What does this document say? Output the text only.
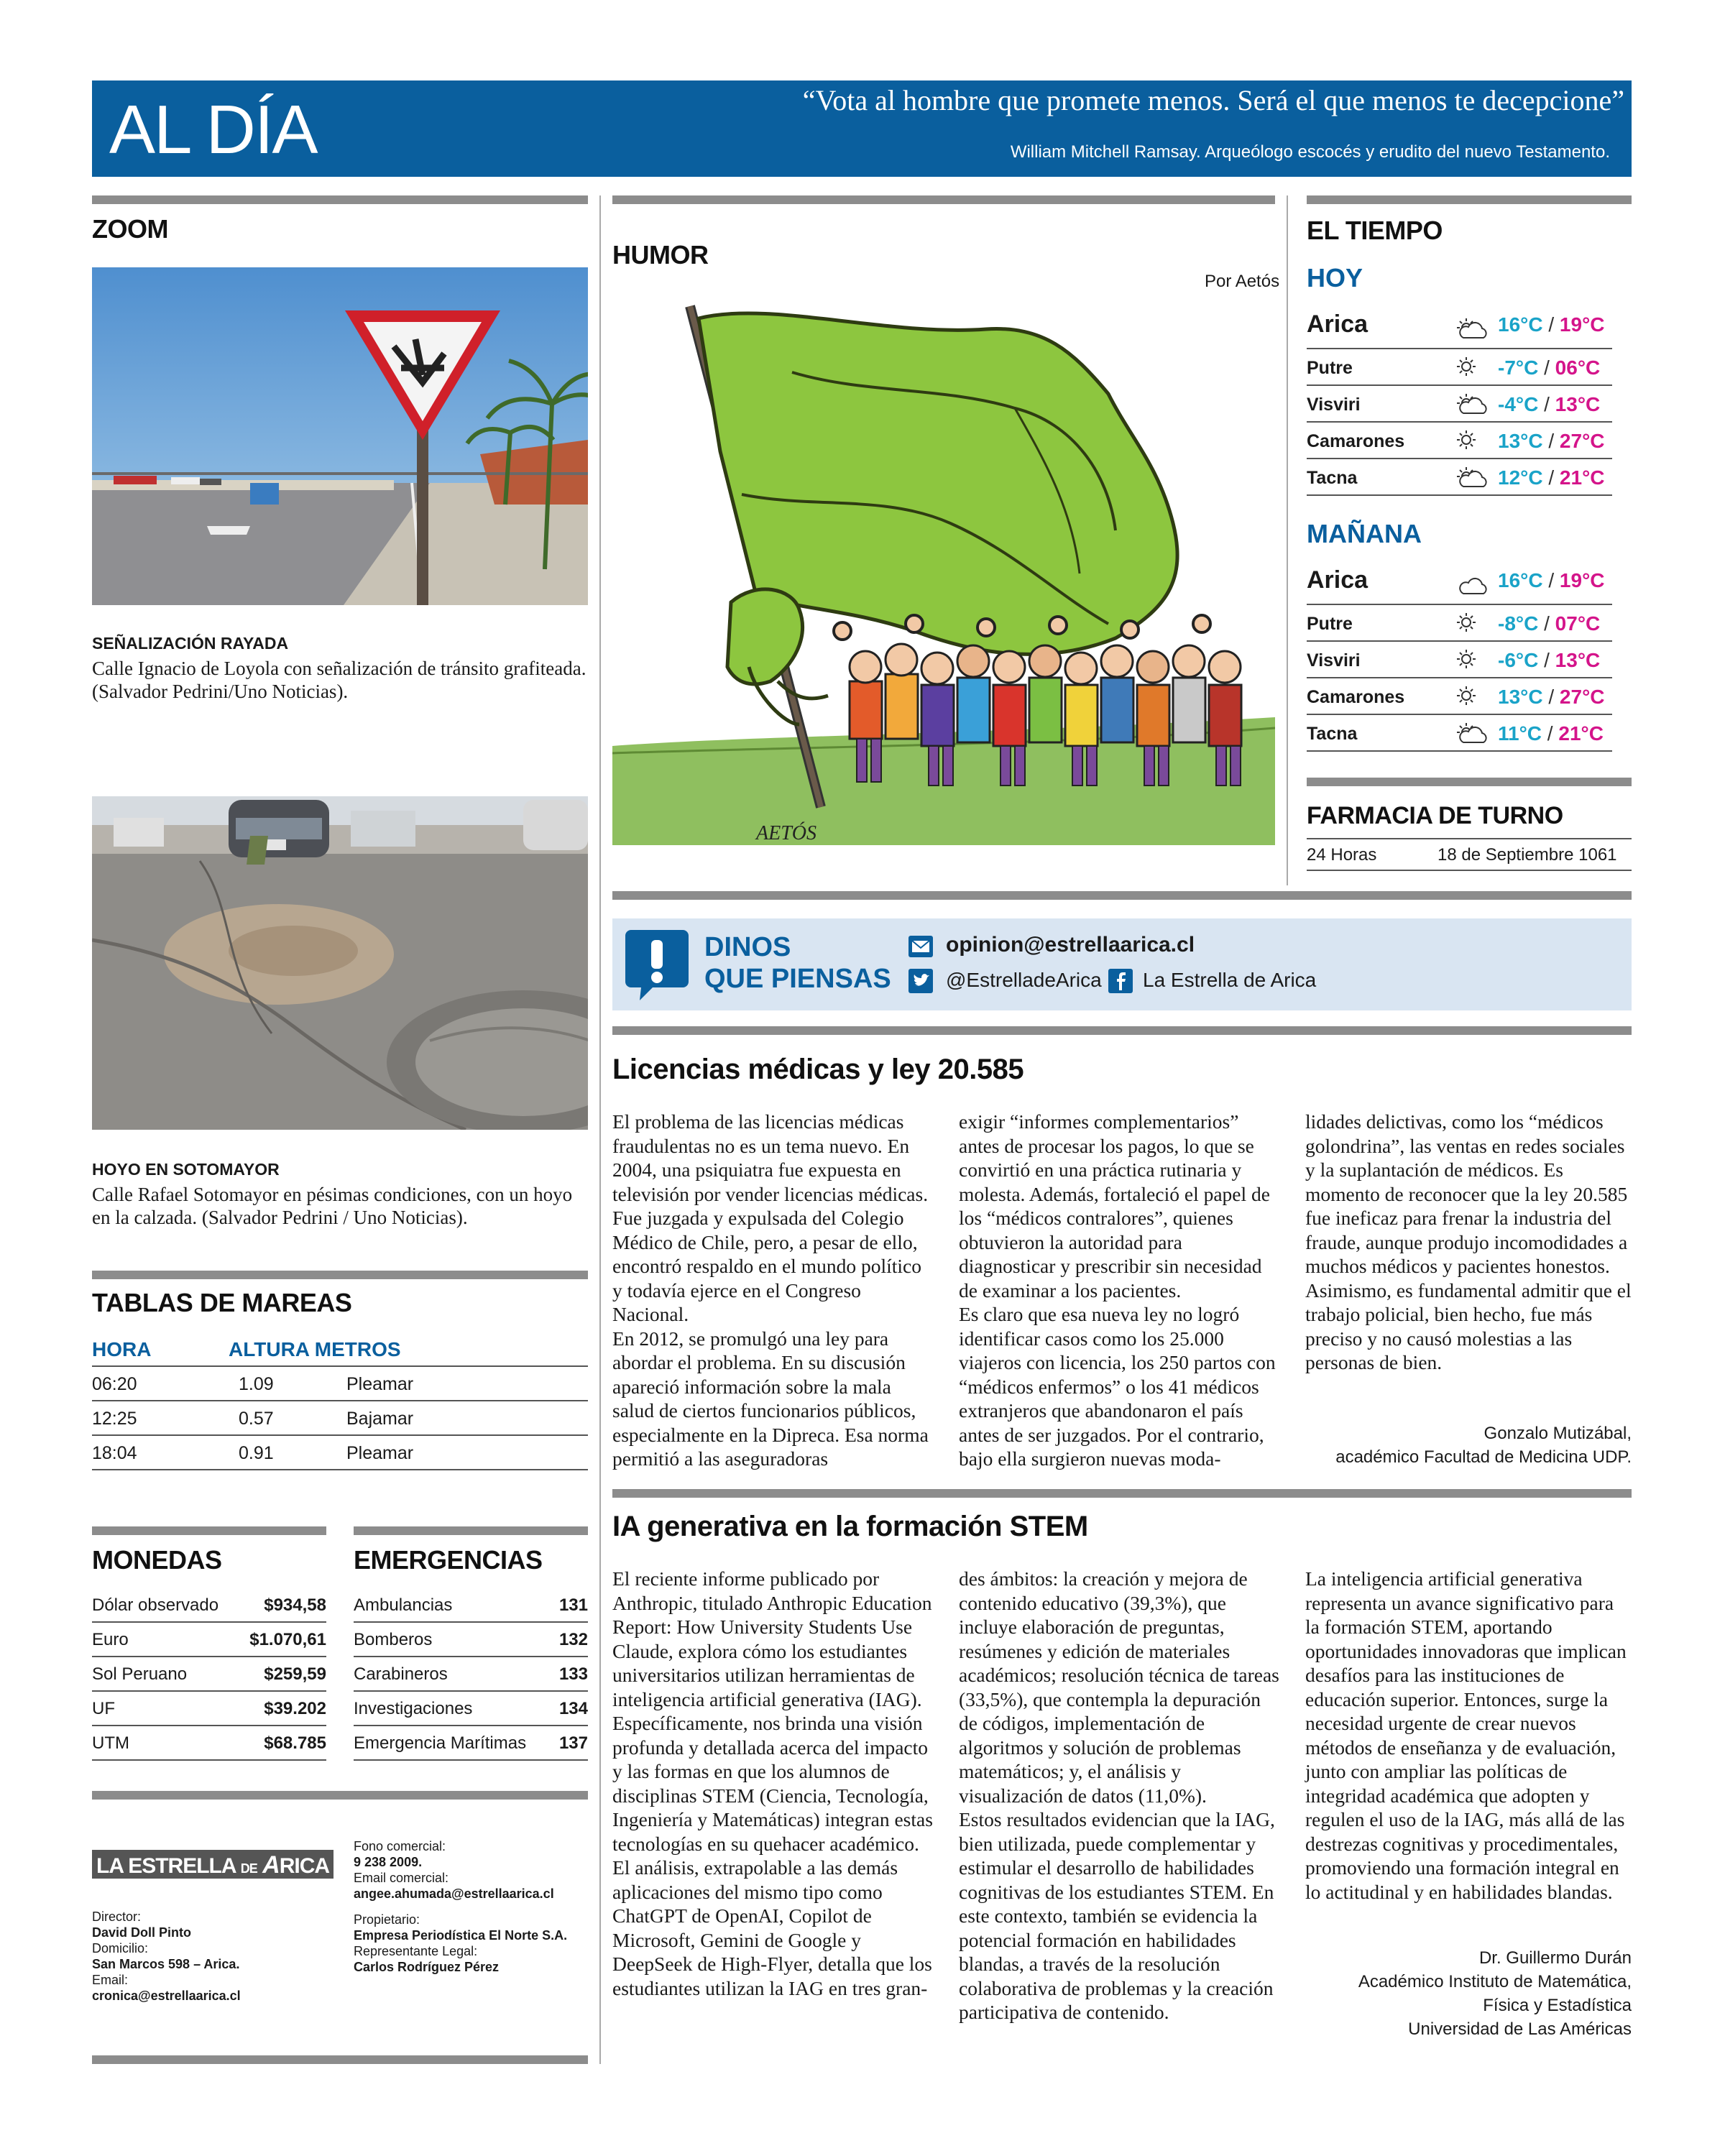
AL DÍA	“Vota al hombre que promete menos. Será el que menos te decepcione”
William Mitchell Ramsay. Arqueólogo escocés y erudito del nuevo Testamento.
ZOOM
SEÑALIZACIÓN RAYADA
Calle Ignacio de Loyola con señalización de tránsito grafiteada. (Salvador Pedrini/Uno Noticias).
HOYO EN SOTOMAYOR
Calle Rafael Sotomayor en pésimas condiciones, con un hoyo en la calzada. (Salvador Pedrini / Uno Noticias).
TABLAS DE MAREAS
HORA	ALTURA METROS
06:20	1.09	Pleamar
12:25	0.57	Bajamar
18:04	0.91	Pleamar
MONEDAS	EMERGENCIAS
Dólar observado	$934,58
Euro	$1.070,61
Sol Peruano	$259,59
UF	$39.202
UTM	$68.785
Ambulancias	131
Bomberos	132
Carabineros	133
Investigaciones	134
Emergencia Marítimas 137
LA ESTRELLA DE ARICA
Director:
David Doll Pinto
Domicilio:
San Marcos 598 – Arica.
Email:
cronica@estrellaarica.cl
Fono comercial:
9 238 2009.
Email comercial:
angee.ahumada@estrellaarica.cl
Propietario:
Empresa Periodística El Norte S.A.
Representante Legal:
Carlos Rodríguez Pérez
HUMOR
Por Aetós
AETÓS
EL TIEMPO
HOY
Arica	16°C / 19°C
Putre	-7°C / 06°C
Visviri	-4°C / 13°C
Camarones	13°C / 27°C
Tacna	12°C / 21°C
MAÑANA
Arica	16°C / 19°C
Putre	-8°C / 07°C
Visviri	-6°C / 13°C
Camarones	13°C / 27°C
Tacna	11°C / 21°C
FARMACIA DE TURNO
24 Horas	18 de Septiembre 1061
DINOS
QUE PIENSAS
opinion@estrellaarica.cl
@EstrelladeArica La Estrella de Arica
Licencias médicas y ley 20.585

El problema de las licencias médicas fraudulentas no es un tema nuevo. En 2004, una psiquiatra fue expuesta en televisión por vender licencias médicas. Fue juzgada y expulsada del Colegio Médico de Chile, pero, a pesar de ello, encontró respaldo en el mundo político y todavía ejerce en el Congreso Nacional.

En 2012, se promulgó una ley para abordar el problema. En su discusión apareció información sobre la mala salud de ciertos funcionarios públicos, especialmente en la Dipreca. Esa norma permitió a las aseguradoras

exigir “informes complementarios” antes de procesar los pagos, lo que se convirtió en una práctica rutinaria y molesta. Además, fortaleció el papel de los “médicos contralores”, quienes obtuvieron la autoridad para diagnosticar y prescribir sin necesidad de examinar a los pacientes.

Es claro que esa nueva ley no logró identificar casos como los 25.000 viajeros con licencia, los 250 partos con “médicos enfermos” o los 41 médicos extranjeros que abandonaron el país antes de ser juzgados. Por el contrario, bajo ella surgieron nuevas moda-

lidades delictivas, como los “médicos golondrina”, las ventas en redes sociales y la suplantación de médicos. Es momento de reconocer que la ley 20.585 fue ineficaz para frenar la industria del fraude, aunque produjo incomodidades a muchos médicos y pacientes honestos. Asimismo, es fundamental admitir que el trabajo policial, bien hecho, fue más preciso y no causó molestias a las personas de bien.

Gonzalo Mutizábal,
académico Facultad de Medicina UDP.
IA generativa en la formación STEM

El reciente informe publicado por Anthropic, titulado Anthropic Education Report: How University Students Use Claude, explora cómo los estudiantes universitarios utilizan herramientas de inteligencia artificial generativa (IAG). Específicamente, nos brinda una visión profunda y detallada acerca del impacto y las formas en que los alumnos de disciplinas STEM (Ciencia, Tecnología, Ingeniería y Matemáticas) integran estas tecnologías en su quehacer académico.

El análisis, extrapolable a las demás aplicaciones del mismo tipo como ChatGPT de OpenAI, Copilot de Microsoft, Gemini de Google y DeepSeek de High-Flyer, detalla que los estudiantes utilizan la IAG en tres gran-

des ámbitos: la creación y mejora de contenido educativo (39,3%), que incluye elaboración de preguntas, resúmenes y edición de materiales académicos; resolución técnica de tareas (33,5%), que contempla la depuración de códigos, implementación de algoritmos y solución de problemas matemáticos; y, el análisis y visualización de datos (11,0%).

Estos resultados evidencian que la IAG, bien utilizada, puede complementar y estimular el desarrollo de habilidades cognitivas de los estudiantes STEM. En este contexto, también se evidencia la potencial formación en habilidades blandas, a través de la resolución colaborativa de problemas y la creación participativa de contenido.

La inteligencia artificial generativa representa un avance significativo para la formación STEM, aportando oportunidades innovadoras que implican desafíos para las instituciones de educación superior. Entonces, surge la necesidad urgente de crear nuevos métodos de enseñanza y de evaluación, junto con ampliar las políticas de integridad académica que adopten y regulen el uso de la IAG, más allá de las destrezas cognitivas y procedimentales, promoviendo una formación integral en lo actitudinal y en habilidades blandas.

Dr. Guillermo Durán
Académico Instituto de Matemática,
Física y Estadística
Universidad de Las Américas
